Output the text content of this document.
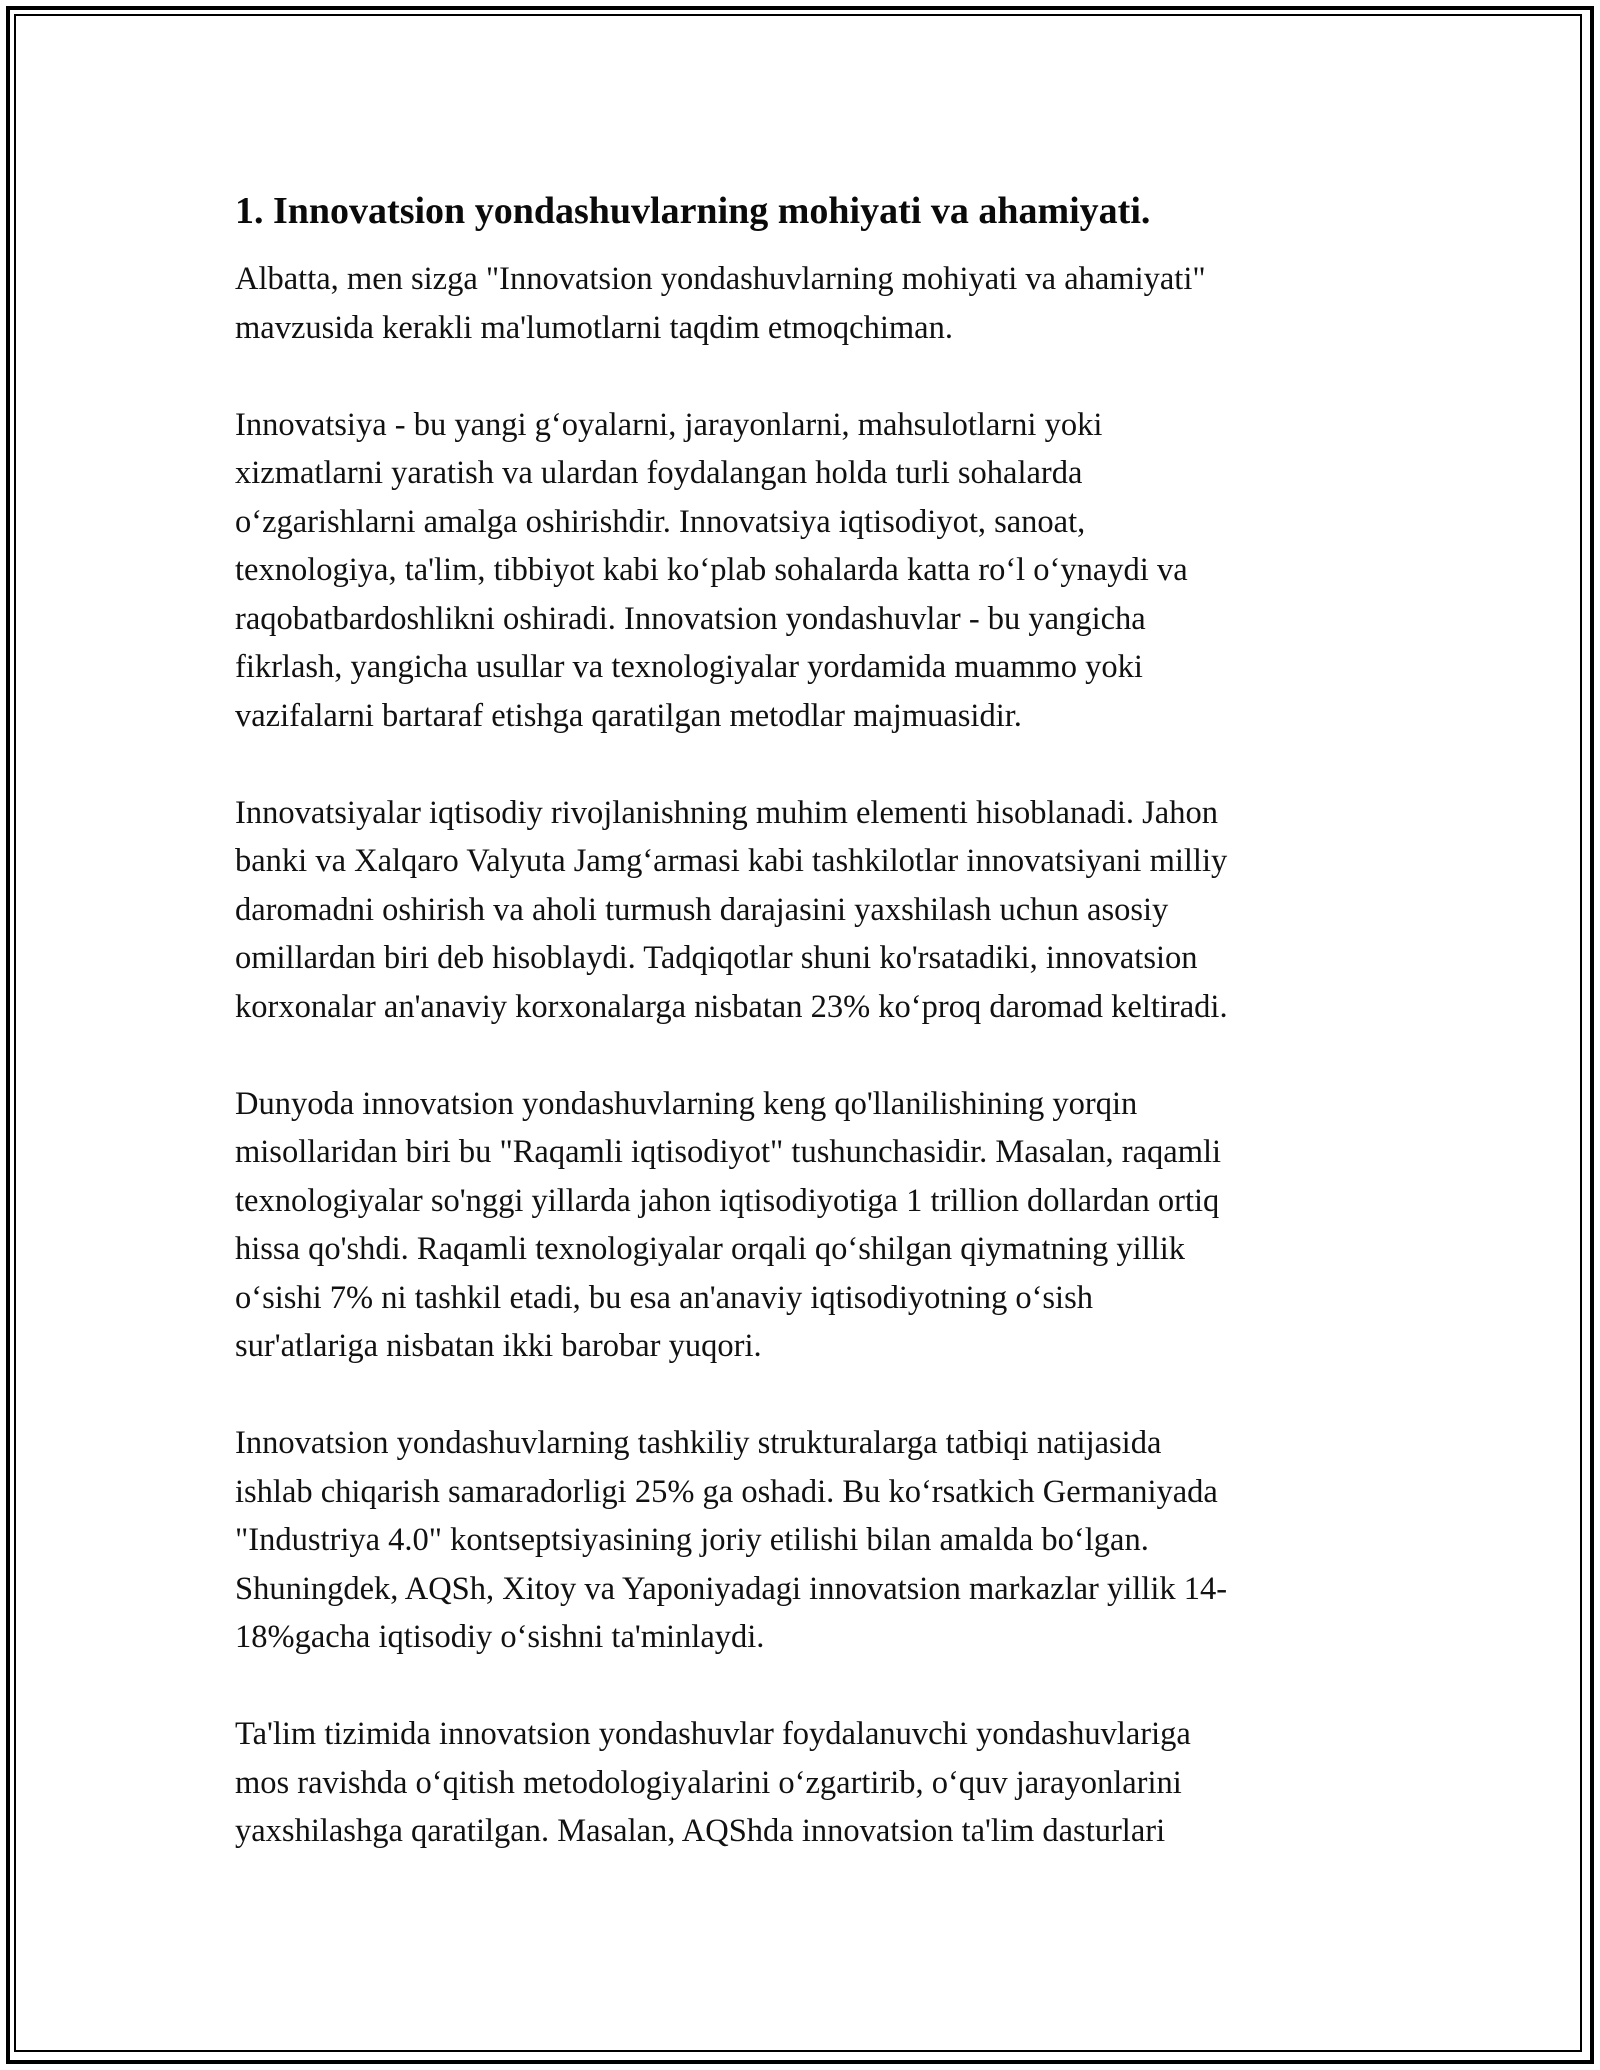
1. Innovatsion yondashuvlarning mohiyati va ahamiyati.

Albatta, men sizga "Innovatsion yondashuvlarning mohiyati va ahamiyati"
mavzusida kerakli ma'lumotlarni taqdim etmoqchiman.

Innovatsiya - bu yangi g‘oyalarni, jarayonlarni, mahsulotlarni yoki
xizmatlarni yaratish va ulardan foydalangan holda turli sohalarda
o‘zgarishlarni amalga oshirishdir. Innovatsiya iqtisodiyot, sanoat,
texnologiya, ta'lim, tibbiyot kabi ko‘plab sohalarda katta ro‘l o‘ynaydi va
raqobatbardoshlikni oshiradi. Innovatsion yondashuvlar - bu yangicha
fikrlash, yangicha usullar va texnologiyalar yordamida muammo yoki
vazifalarni bartaraf etishga qaratilgan metodlar majmuasidir.

Innovatsiyalar iqtisodiy rivojlanishning muhim elementi hisoblanadi. Jahon
banki va Xalqaro Valyuta Jamg‘armasi kabi tashkilotlar innovatsiyani milliy
daromadni oshirish va aholi turmush darajasini yaxshilash uchun asosiy
omillardan biri deb hisoblaydi. Tadqiqotlar shuni ko'rsatadiki, innovatsion
korxonalar an'anaviy korxonalarga nisbatan 23% ko‘proq daromad keltiradi.

Dunyoda innovatsion yondashuvlarning keng qo'llanilishining yorqin
misollaridan biri bu "Raqamli iqtisodiyot" tushunchasidir. Masalan, raqamli
texnologiyalar so'nggi yillarda jahon iqtisodiyotiga 1 trillion dollardan ortiq
hissa qo'shdi. Raqamli texnologiyalar orqali qo‘shilgan qiymatning yillik
o‘sishi 7% ni tashkil etadi, bu esa an'anaviy iqtisodiyotning o‘sish
sur'atlariga nisbatan ikki barobar yuqori.

Innovatsion yondashuvlarning tashkiliy strukturalarga tatbiqi natijasida
ishlab chiqarish samaradorligi 25% ga oshadi. Bu ko‘rsatkich Germaniyada
"Industriya 4.0" kontseptsiyasining joriy etilishi bilan amalda bo‘lgan.
Shuningdek, AQSh, Xitoy va Yaponiyadagi innovatsion markazlar yillik 14-
18%gacha iqtisodiy o‘sishni ta'minlaydi.

Ta'lim tizimida innovatsion yondashuvlar foydalanuvchi yondashuvlariga
mos ravishda o‘qitish metodologiyalarini o‘zgartirib, o‘quv jarayonlarini
yaxshilashga qaratilgan. Masalan, AQShda innovatsion ta'lim dasturlari
